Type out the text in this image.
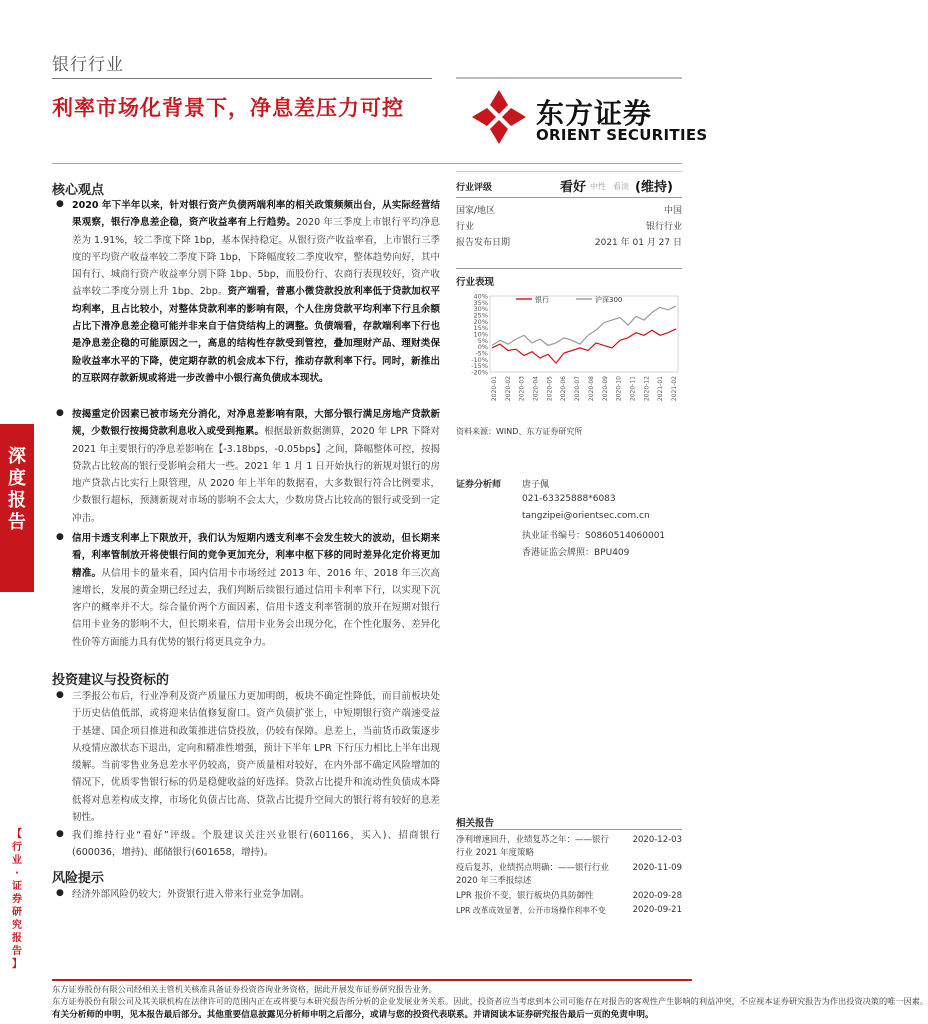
银行行业
利率市场化背景下，净息差压力可控	东方证券
ORIENT SECURITIES
深
度
报
告
【
行
业
·
证
券
研
究
报
告
】
核心观点
● 2020 年下半年以来，针对银行资产负债两端利率的相关政策频频出台，从实际经营结果观察，银行净息差企稳，资产收益率有上行趋势。2020 年三季度上市银行平均净息差为 1.91%，较二季度下降 1bp，基本保持稳定。从银行资产收益率看，上市银行三季度的平均资产收益率较二季度下降 1bp，下降幅度较二季度收窄，整体趋势向好，其中国有行、城商行资产收益率分别下降 1bp、5bp，而股份行、农商行表现较好，资产收益率较二季度分别上升 1bp、2bp。资产端看，普惠小微贷款投放利率低于贷款加权平均利率，且占比较小，对整体贷款利率的影响有限，个人住房贷款平均利率下行且余额占比下滑净息差企稳可能并非来自于信贷结构上的调整。负债端看，存款端利率下行也是净息差企稳的可能原因之一，高息的结构性存款受到管控，叠加理财产品、理财类保险收益率水平的下降，使定期存款的机会成本下行，推动存款利率下行。同时，新推出的互联网存款新规或将进一步改善中小银行高负债成本现状。
● 按揭重定价因素已被市场充分消化，对净息差影响有限，大部分银行满足房地产贷款新规，少数银行按揭贷款利息收入或受到拖累。根据最新数据测算，2020 年 LPR 下降对 2021 年主要银行的净息差影响在【-3.18bps，-0.05bps】之间，降幅整体可控，按揭贷款占比较高的银行受影响会稍大一些。2021 年 1 月 1 日开始执行的新规对银行的房地产贷款占比实行上限管理，从 2020 年上半年的数据看，大多数银行符合比例要求，少数银行超标，预测新规对市场的影响不会太大，少数房贷占比较高的银行或受到一定冲击。
● 信用卡透支利率上下限放开，我们认为短期内透支利率不会发生较大的波动，但长期来看，利率管制放开将使银行间的竞争更加充分，利率中枢下移的同时差异化定价将更加精准。从信用卡的量来看，国内信用卡市场经过 2013 年、2016 年、2018 年三次高速增长，发展的黄金期已经过去，我们判断后续银行通过信用卡利率下行，以实现下沉客户的概率并不大。综合量价两个方面因素，信用卡透支利率管制的放开在短期对银行信用卡业务的影响不大，但长期来看，信用卡业务会出现分化，在个性化服务、差异化性价等方面能力具有优势的银行将更具竞争力。
投资建议与投资标的
● 三季报公布后，行业净利及资产质量压力更加明朗，板块不确定性降低，而目前板块处于历史估值低部，或将迎来估值修复窗口。资产负债扩张上，中短期银行资产端速受益于基建、国企项目推进和政策推进信贷投放，仍较有保障。息差上，当前货币政策逐步从疫情应激状态下退出，定向和精准性增强，预计下半年 LPR 下行压力相比上半年出现缓解。当前零售业务息差水平仍较高，资产质量相对较好，在内外部不确定风险增加的情况下，优质零售银行标的仍是稳健收益的好选择。贷款占比提升和流动性负债成本降低将对息差构成支撑，市场化负债占比高、贷款占比提升空间大的银行将有较好的息差韧性。
● 我们维持行业“看好”评级。个股建议关注兴业银行(601166，买入)、招商银行(600036，增持)、邮储银行(601658，增持)。
风险提示
● 经济外部风险仍较大；外资银行进入带来行业竞争加剧。
行业评级	看好 中性 看淡 (维持)
国家/地区	中国
行业	银行行业
报告发布日期	2021 年 01 月 27 日
行业表现
银行	沪深300
40%
35%
30%
25%
20%
15%
10%
5%
0%
-5%
-10%
-15%
-20%
2020-01 2020-02 2020-03 2020-04 2020-05 2020-06 2020-07 2020-08 2020-09 2020-10 2020-11 2020-12 2021-01 2021-02
资料来源：WIND、东方证券研究所
证券分析师 唐子佩
021-63325888*6083
tangzipei@orientsec.com.cn
执业证书编号：S0860514060001
香港证监会牌照：BPU409
相关报告
净利增速回升，业绩复苏之年：——银行行业 2021 年度策略
2020-12-03
疫后复苏，业绩拐点明确：——银行行业 2020 年三季报综述
2020-11-09
LPR 报价不变，银行板块仍具防御性	2020-09-28
LPR 改革成效显著，公开市场操作利率不变	2020-09-21
东方证券股份有限公司经相关主管机关核准具备证券投资咨询业务资格，据此开展发布证券研究报告业务。
东方证券股份有限公司及其关联机构在法律许可的范围内正在或将要与本研究报告所分析的企业发展业务关系。因此，投资者应当考虑到本公司可能存在对报告的客观性产生影响的利益冲突，不应视本证券研究报告为作出投资决策的唯一因素。
有关分析师的申明，见本报告最后部分。其他重要信息披露见分析师申明之后部分，或请与您的投资代表联系。并请阅读本证券研究报告最后一页的免责申明。
